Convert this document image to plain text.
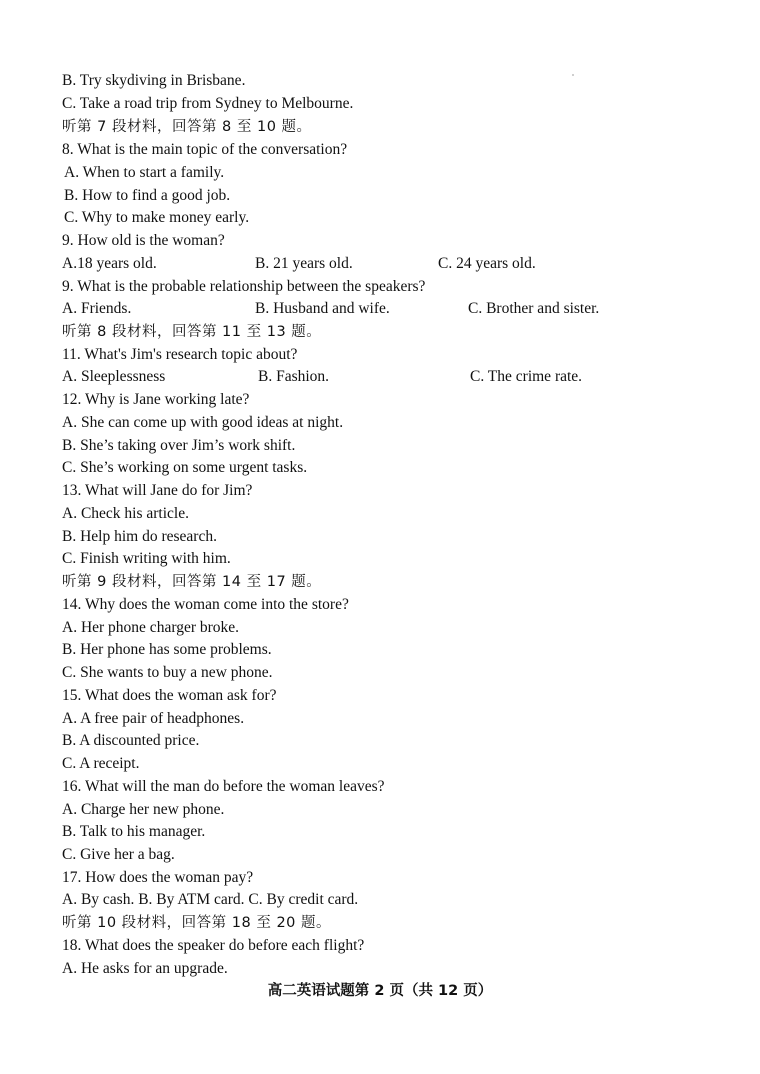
B. Try skydiving in Brisbane.
C. Take a road trip from Sydney to Melbourne.
听第 7 段材料，回答第 8 至 10 题。
8. What is the main topic of the conversation?
A. When to start a family.
B. How to find a good job.
C. Why to make money early.
9. How old is the woman?
A.18 years old.	B. 21 years old.	C. 24 years old.
9. What is the probable relationship between the speakers?
A. Friends.	B. Husband and wife.	C. Brother and sister.
听第 8 段材料，回答第 11 至 13 题。
11. What's Jim's research topic about?
A. Sleeplessness	B. Fashion.	C. The crime rate.
12. Why is Jane working late?
A. She can come up with good ideas at night.
B. She’s taking over Jim’s work shift.
C. She’s working on some urgent tasks.
13. What will Jane do for Jim?
A. Check his article.
B. Help him do research.
C. Finish writing with him.
听第 9 段材料，回答第 14 至 17 题。
14. Why does the woman come into the store?
A. Her phone charger broke.
B. Her phone has some problems.
C. She wants to buy a new phone.
15. What does the woman ask for?
A. A free pair of headphones.
B. A discounted price.
C. A receipt.
16. What will the man do before the woman leaves?
A. Charge her new phone.
B. Talk to his manager.
C. Give her a bag.
17. How does the woman pay?
A. By cash. B. By ATM card. C. By credit card.
听第 10 段材料，回答第 18 至 20 题。
18. What does the speaker do before each flight?
A. He asks for an upgrade.
高二英语试题第 2 页（共 12 页）
